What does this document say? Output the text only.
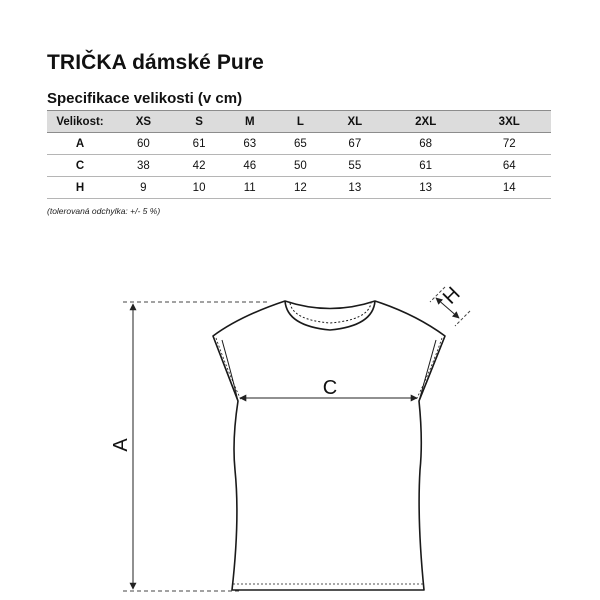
TRIČKA dámské Pure
Specifikace velikosti (v cm)
Velikost:	XS	S	M	L	XL	2XL	3XL
A	60	61	63	65	67	68	72
C	38	42	46	50	55	61	64
H	9	10	11	12	13	13	14
(tolerovaná odchylka: +/- 5 %)
A
C
H
